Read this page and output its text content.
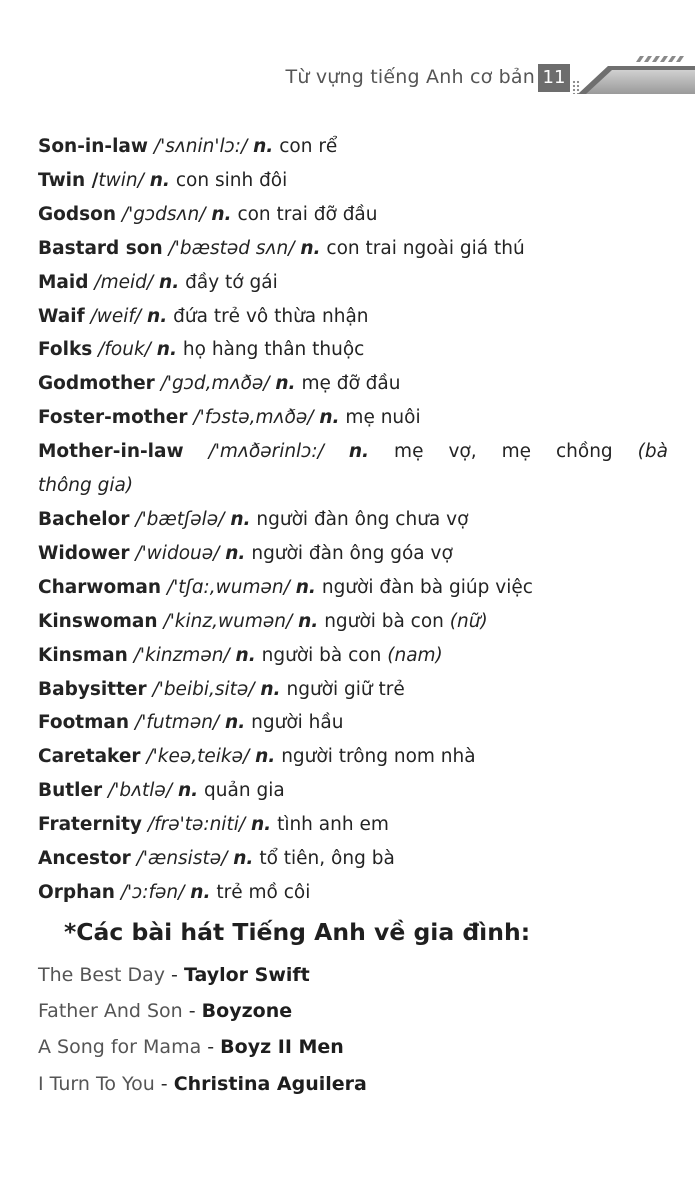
Từ vựng tiếng Anh cơ bản 11
Son-in-law /'sʌnin'lɔ:/ n. con rể
Twin /twin/ n. con sinh đôi
Godson /'gɔdsʌn/ n. con trai đỡ đầu
Bastard son /'bæstəd sʌn/ n. con trai ngoài giá thú
Maid /meid/ n. đầy tớ gái
Waif /weif/ n. đứa trẻ vô thừa nhận
Folks /fouk/ n. họ hàng thân thuộc
Godmother /'gɔd,mʌðə/ n. mẹ đỡ đầu
Foster-mother /'fɔstə,mʌðə/ n. mẹ nuôi
Mother-in-law /'mʌðərinlɔ:/ n. mẹ vợ, mẹ chồng (bà
thông gia)
Bachelor /'bætʃələ/ n. người đàn ông chưa vợ
Widower /'widouə/ n. người đàn ông góa vợ
Charwoman /'tʃɑ:,wumən/ n. người đàn bà giúp việc
Kinswoman /'kinz,wumən/ n. người bà con (nữ)
Kinsman /'kinzmən/ n. người bà con (nam)
Babysitter /'beibi,sitə/ n. người giữ trẻ
Footman /'futmən/ n. người hầu
Caretaker /'keə,teikə/ n. người trông nom nhà
Butler /'bʌtlə/ n. quản gia
Fraternity /frə'tə:niti/ n. tình anh em
Ancestor /'ænsistə/ n. tổ tiên, ông bà
Orphan /'ɔ:fən/ n. trẻ mồ côi
*Các bài hát Tiếng Anh về gia đình:
The Best Day - Taylor Swift
Father And Son - Boyzone
A Song for Mama - Boyz II Men
I Turn To You - Christina Aguilera
